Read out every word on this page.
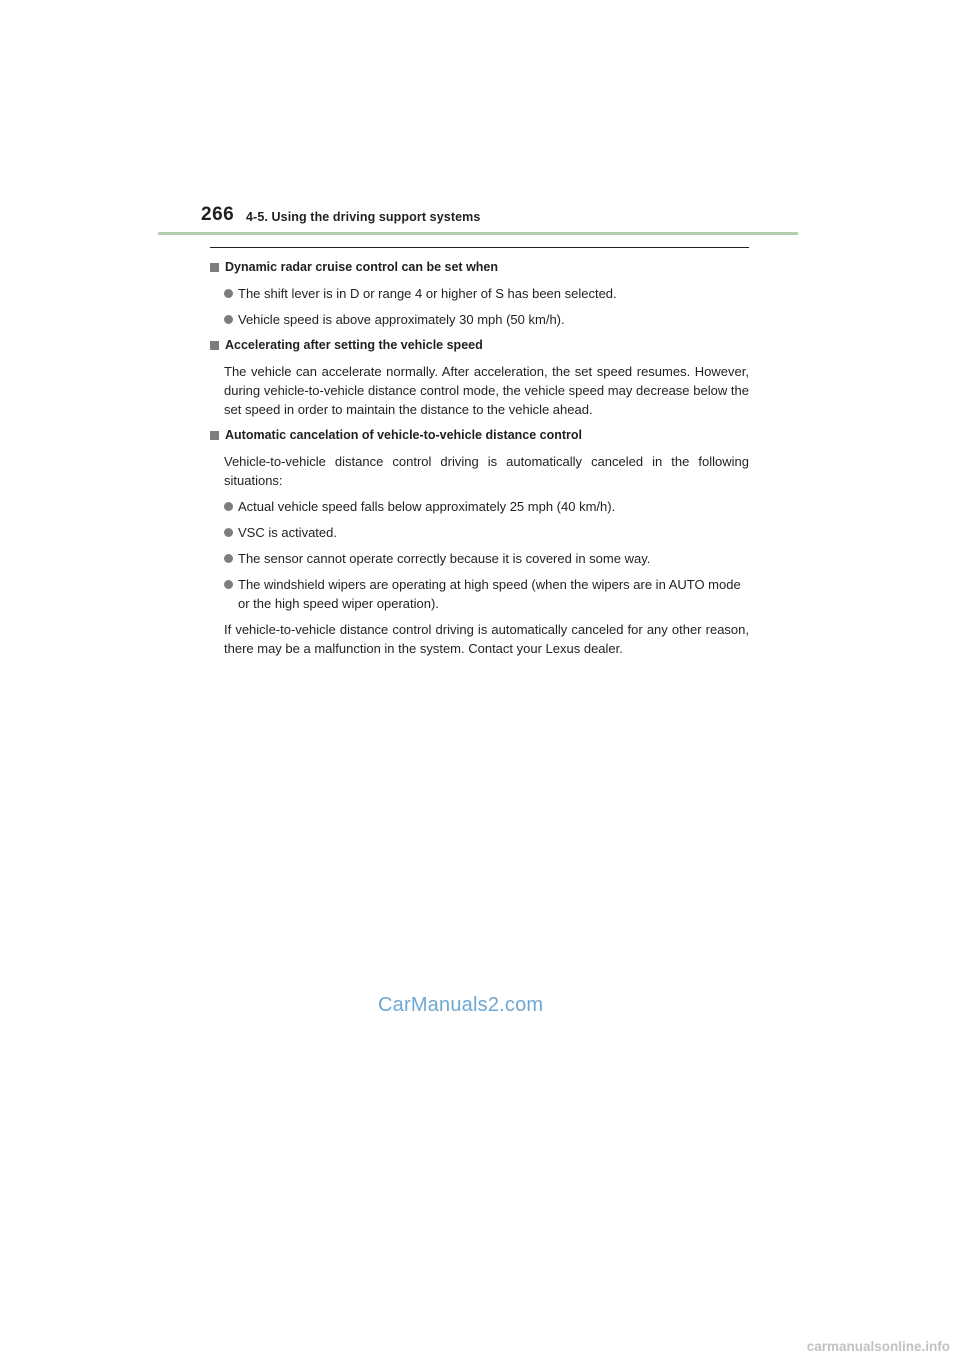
266 4-5. Using the driving support systems
Dynamic radar cruise control can be set when
The shift lever is in D or range 4 or higher of S has been selected.
Vehicle speed is above approximately 30 mph (50 km/h).
Accelerating after setting the vehicle speed
The vehicle can accelerate normally. After acceleration, the set speed resumes. However, during vehicle-to-vehicle distance control mode, the vehicle speed may decrease below the set speed in order to maintain the distance to the vehicle ahead.
Automatic cancelation of vehicle-to-vehicle distance control
Vehicle-to-vehicle distance control driving is automatically canceled in the following situations:
Actual vehicle speed falls below approximately 25 mph (40 km/h).
VSC is activated.
The sensor cannot operate correctly because it is covered in some way.
The windshield wipers are operating at high speed (when the wipers are in AUTO mode or the high speed wiper operation).
If vehicle-to-vehicle distance control driving is automatically canceled for any other reason, there may be a malfunction in the system. Contact your Lexus dealer.
CarManuals2.com
carmanualsonline.info
